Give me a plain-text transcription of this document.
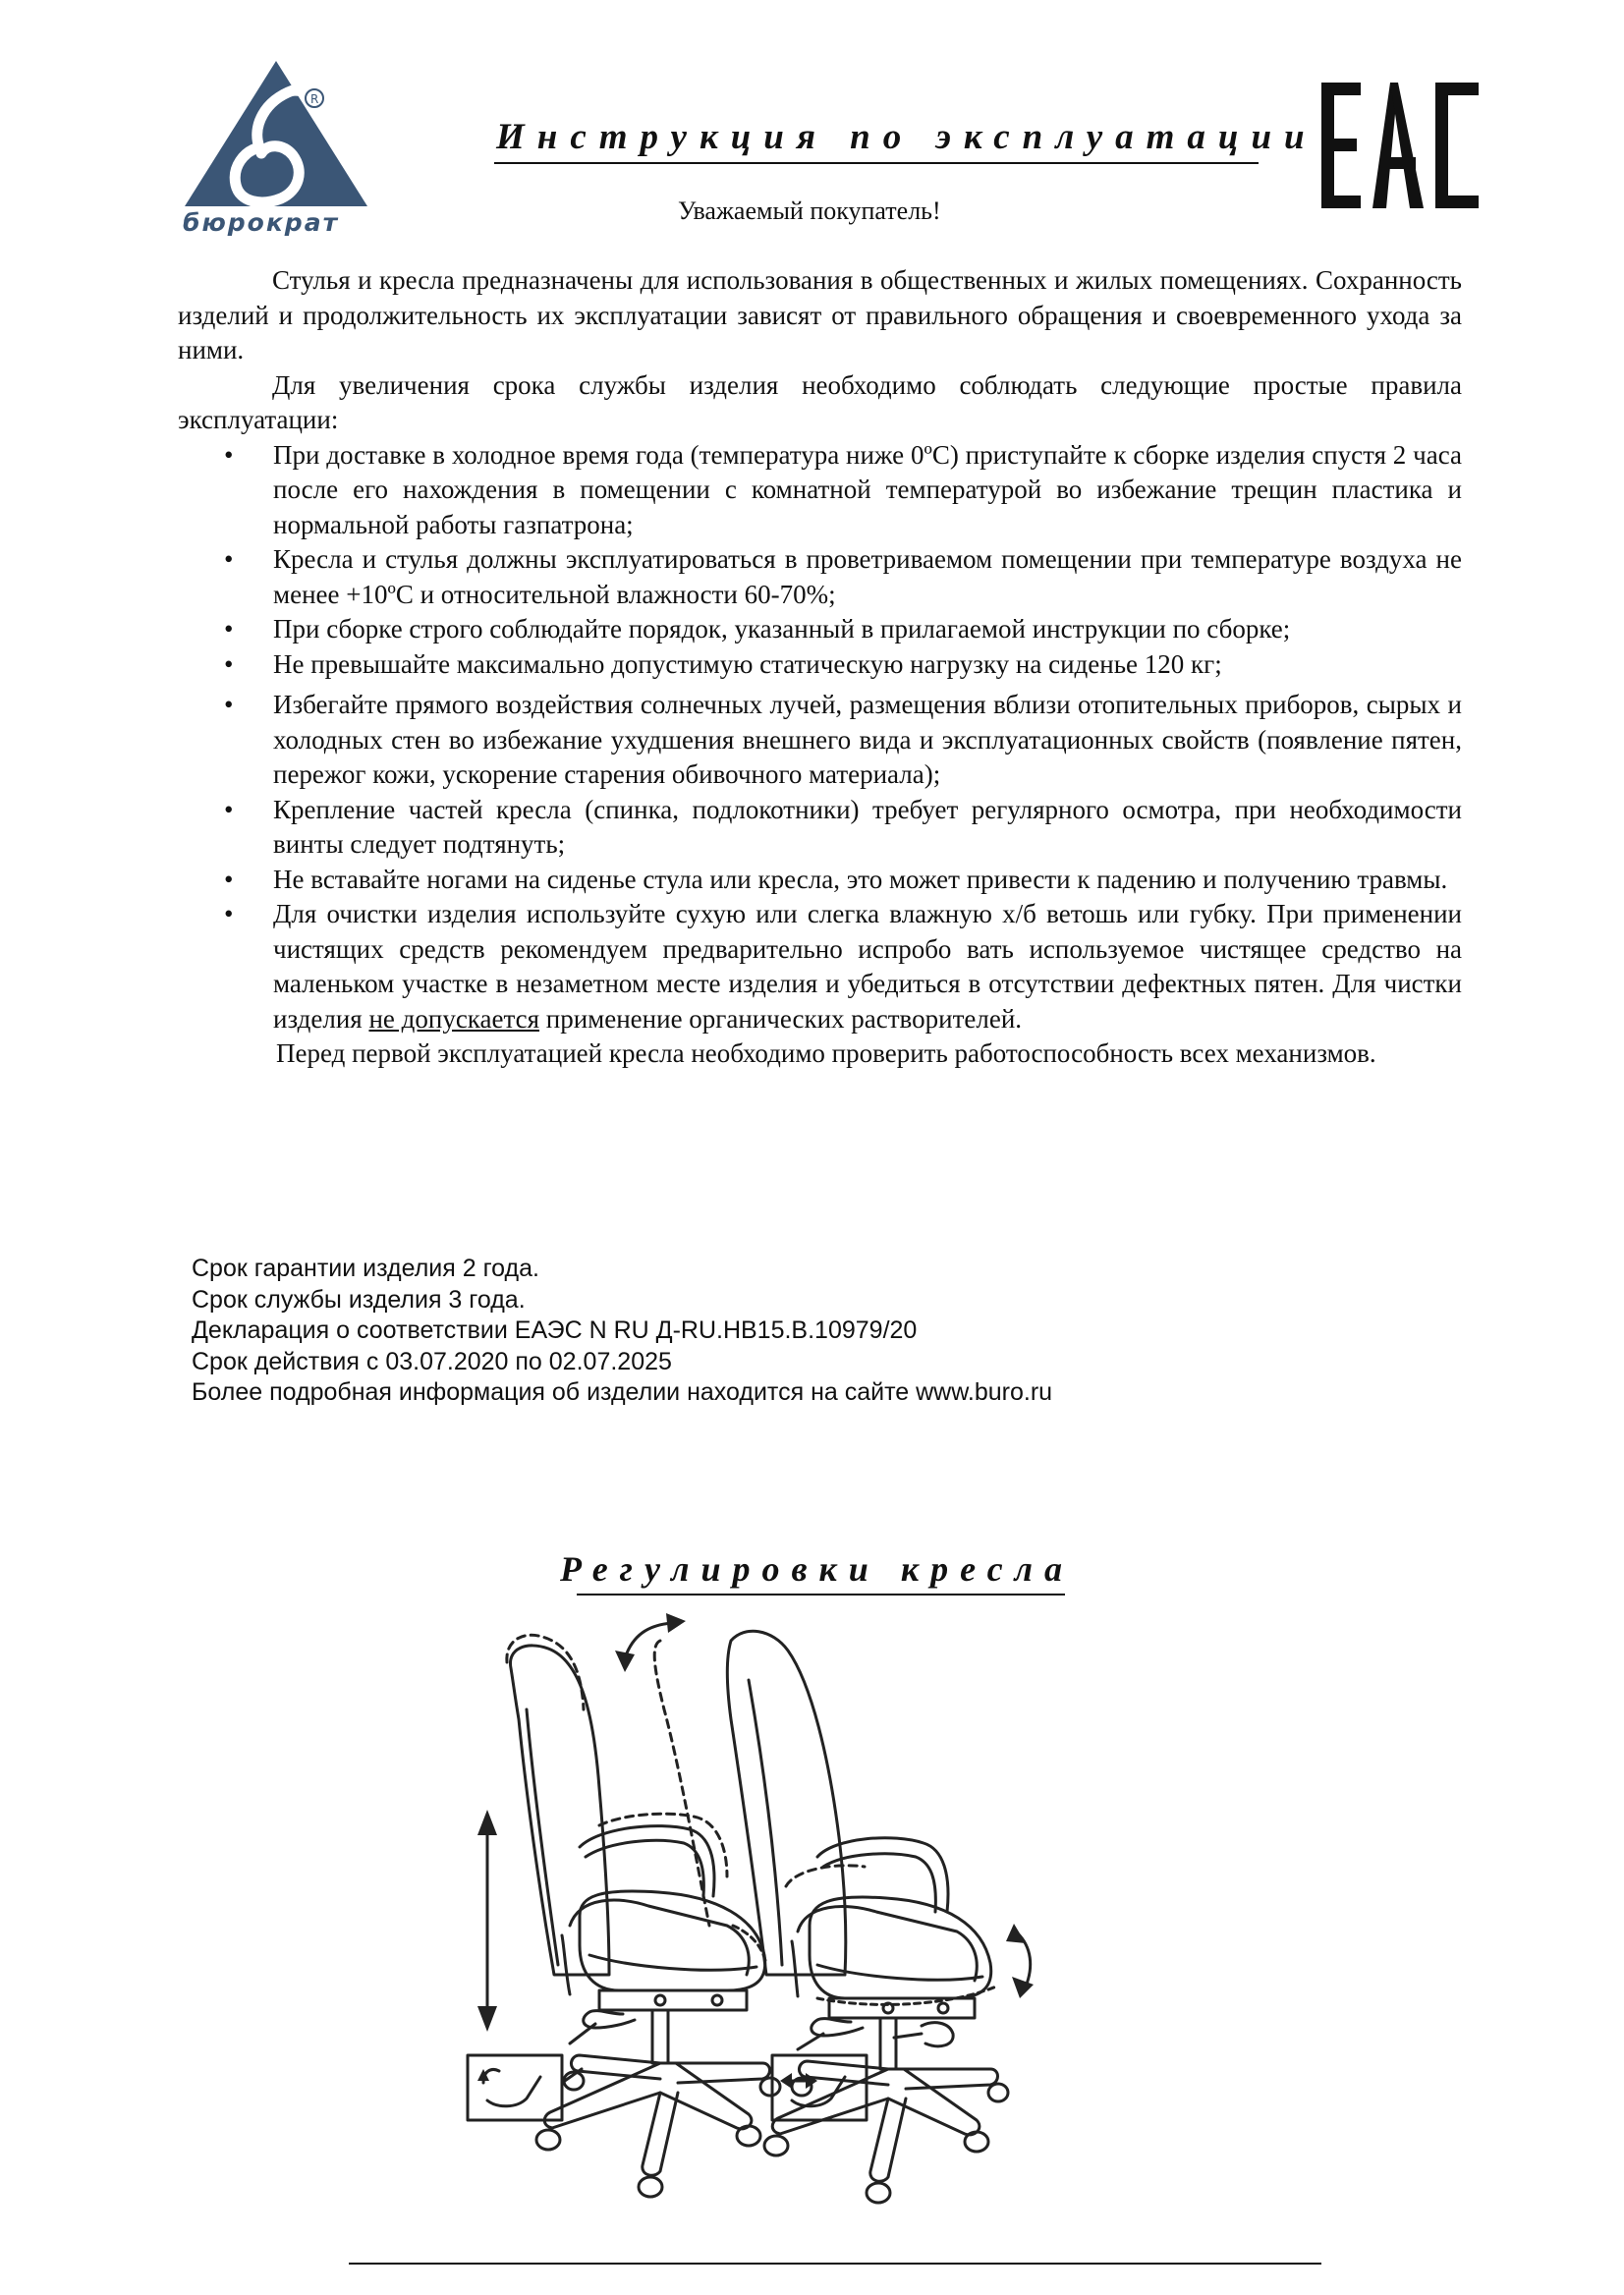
R
бюрократ
Инструкция по эксплуатации
Уважаемый покупатель!

Стулья и кресла предназначены для использования в общественных и жилых помещениях. Сохранность изделий и продолжительность их эксплуатации зависят от правильного обращения и своевременного ухода за ними.

Для увеличения срока службы изделия необходимо соблюдать следующие простые правила эксплуатации:

• При доставке в холодное время года (температура ниже 0ºС) приступайте к сборке изделия спустя 2 часа после его нахождения в помещении с комнатной температурой во избежание трещин пластика и нормальной работы газпатрона;
• Кресла и стулья должны эксплуатироваться в проветриваемом помещении при температуре воздуха не менее +10ºС и относительной влажности 60-70%;
• При сборке строго соблюдайте порядок, указанный в прилагаемой инструкции по сборке;
• Не превышайте максимально допустимую статическую нагрузку на сиденье 120 кг;
• Избегайте прямого воздействия солнечных лучей, размещения вблизи отопительных приборов, сырых и холодных стен во избежание ухудшения внешнего вида и эксплуатационных свойств (появление пятен, пережог кожи, ускорение старения обивочного материала);
• Крепление частей кресла (спинка, подлокотники) требует регулярного осмотра, при необходимости винты следует подтянуть;
• Не вставайте ногами на сиденье стула или кресла, это может привести к падению и получению травмы.
• Для очистки изделия используйте сухую или слегка влажную х/б ветошь или губку. При применении чистящих средств рекомендуем предварительно испробо вать используемое чистящее средство на маленьком участке в незаметном месте изделия и убедиться в отсутствии дефектных пятен. Для чистки изделия не допускается применение органических растворителей.

Перед первой эксплуатацией кресла необходимо проверить работоспособность всех механизмов.

Срок гарантии изделия 2 года.
Срок службы изделия 3 года.
Декларация о соответствии ЕАЭС N RU Д-RU.НВ15.В.10979/20
Срок действия с 03.07.2020 по 02.07.2025
Более подробная информация об изделии находится на сайте www.buro.ru
Регулировки кресла
